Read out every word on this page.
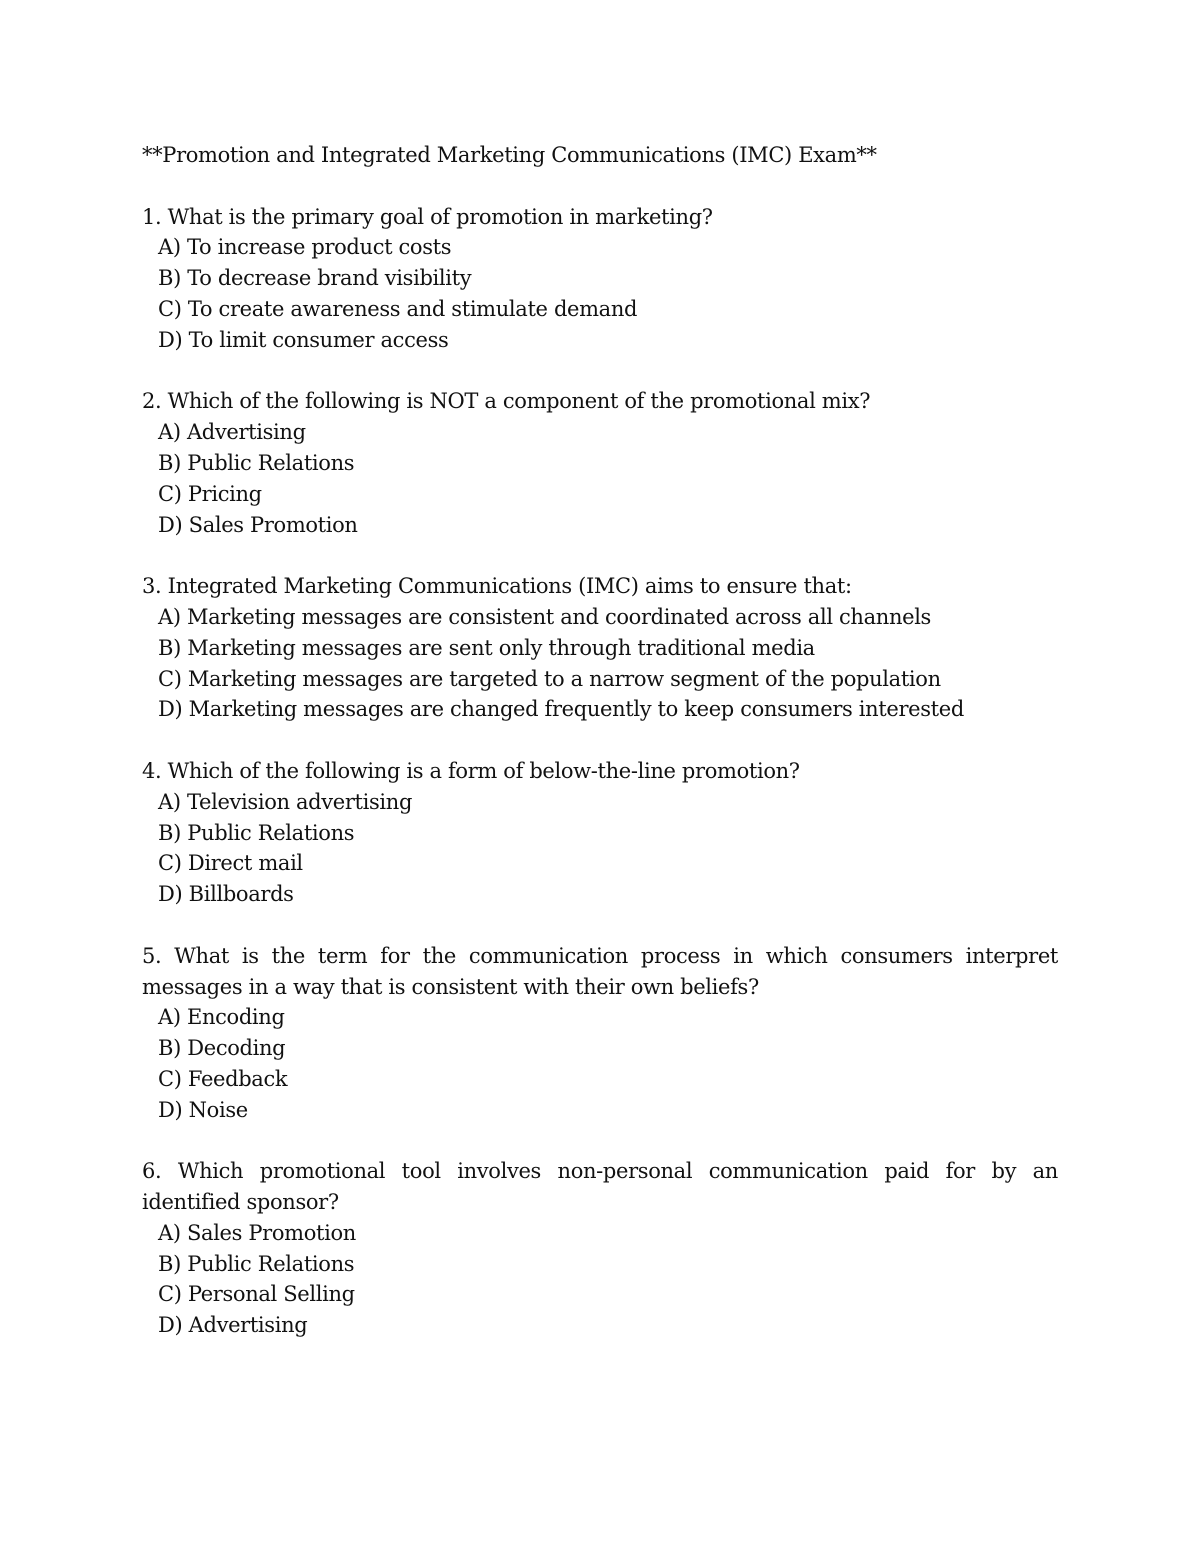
**Promotion and Integrated Marketing Communications (IMC) Exam**
1. What is the primary goal of promotion in marketing?
A) To increase product costs
B) To decrease brand visibility
C) To create awareness and stimulate demand
D) To limit consumer access
2. Which of the following is NOT a component of the promotional mix?
A) Advertising
B) Public Relations
C) Pricing
D) Sales Promotion
3. Integrated Marketing Communications (IMC) aims to ensure that:
A) Marketing messages are consistent and coordinated across all channels
B) Marketing messages are sent only through traditional media
C) Marketing messages are targeted to a narrow segment of the population
D) Marketing messages are changed frequently to keep consumers interested
4. Which of the following is a form of below-the-line promotion?
A) Television advertising
B) Public Relations
C) Direct mail
D) Billboards
5. What is the term for the communication process in which consumers interpret messages in a way that is consistent with their own beliefs?
A) Encoding
B) Decoding
C) Feedback
D) Noise
6. Which promotional tool involves non-personal communication paid for by an identified sponsor?
A) Sales Promotion
B) Public Relations
C) Personal Selling
D) Advertising
